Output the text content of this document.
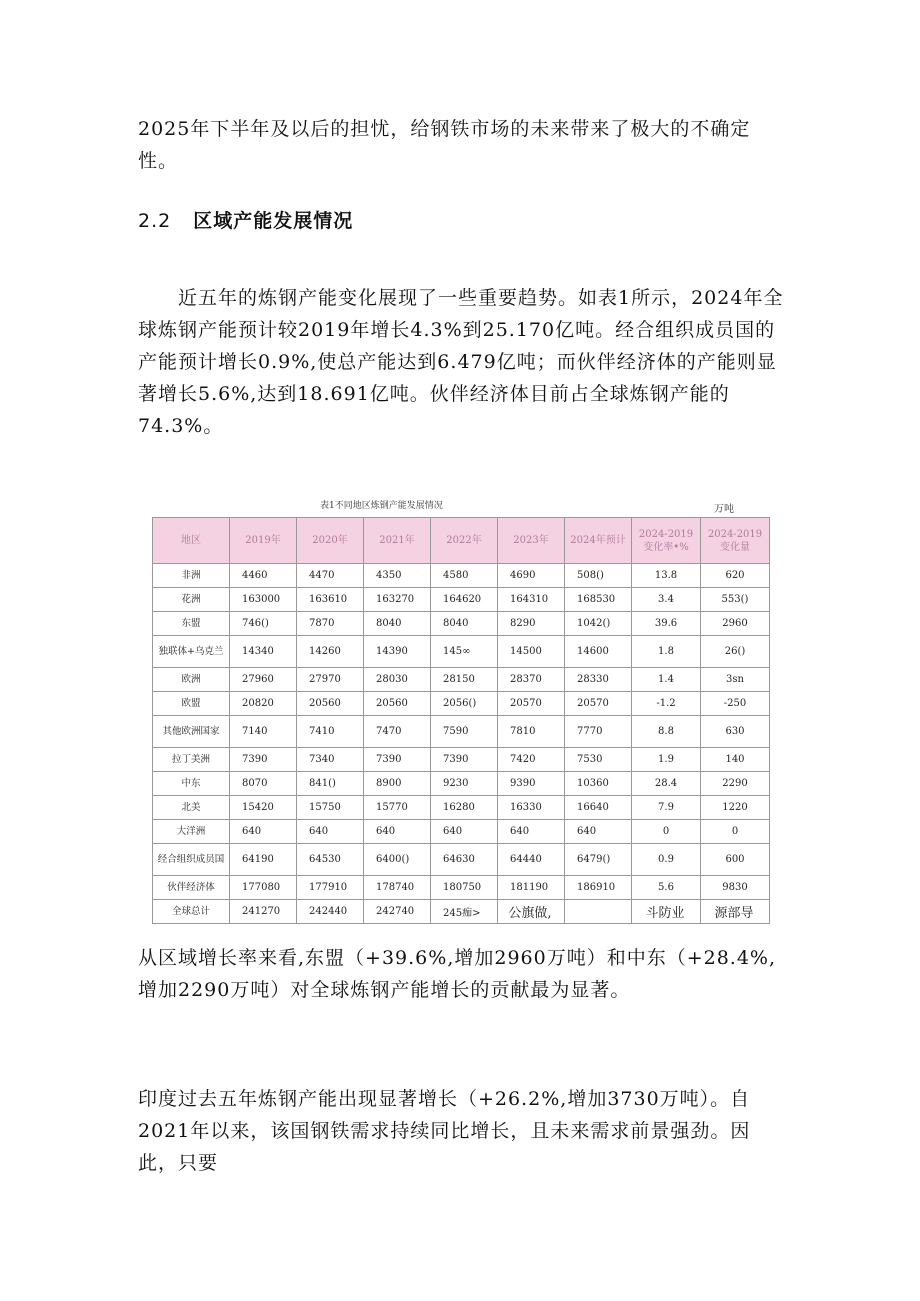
2025年下半年及以后的担忧，给钢铁市场的未来带来了极大的不确定性。

2.2 区域产能发展情况

近五年的炼钢产能变化展现了一些重要趋势。如表1所示，2024年全球炼钢产能预计较2019年增长4.3%到25.170亿吨。经合组织成员国的产能预计增长0.9%,使总产能达到6.479亿吨；而伙伴经济体的产能则显著增长5.6%,达到18.691亿吨。伙伴经济体目前占全球炼钢产能的74.3%。

表1不同地区炼钢产能发展情况	万吨
地区	2019年	2020年	2021年	2022年	2023年	2024年预计	2024-2019变化率•%	2024-2019变化量
非洲	4460	4470	4350	4580	4690	508()	13.8	620
花洲	163000	163610	163270	164620	164310	168530	3.4	553()
东盟	746()	7870	8040	8040	8290	1042()	39.6	2960
独联体+乌克兰	14340	14260	14390	145∞	14500	14600	1.8	26()
欧洲	27960	27970	28030	28150	28370	28330	1.4	3sn
欧盟	20820	20560	20560	2056()	20570	20570	-1.2	-250
其他欧洲国家	7140	7410	7470	7590	7810	7770	8.8	630
拉丁美洲	7390	7340	7390	7390	7420	7530	1.9	140
中东	8070	841()	8900	9230	9390	10360	28.4	2290
北美	15420	15750	15770	16280	16330	16640	7.9	1220
大洋洲	640	640	640	640	640	640	0	0
经合组织成员国	64190	64530	6400()	64630	64440	6479()	0.9	600
伙伴经济体	177080	177910	178740	180750	181190	186910	5.6	9830
全球总计	241270	242440	242740	245痂>	公旗做,		斗防业	源部导

从区域增长率来看,东盟（+39.6%,增加2960万吨）和中东（+28.4%,增加2290万吨）对全球炼钢产能增长的贡献最为显著。

印度过去五年炼钢产能出现显著增长（+26.2%,增加3730万吨）。自2021年以来，该国钢铁需求持续同比增长，且未来需求前景强劲。因此，只要
